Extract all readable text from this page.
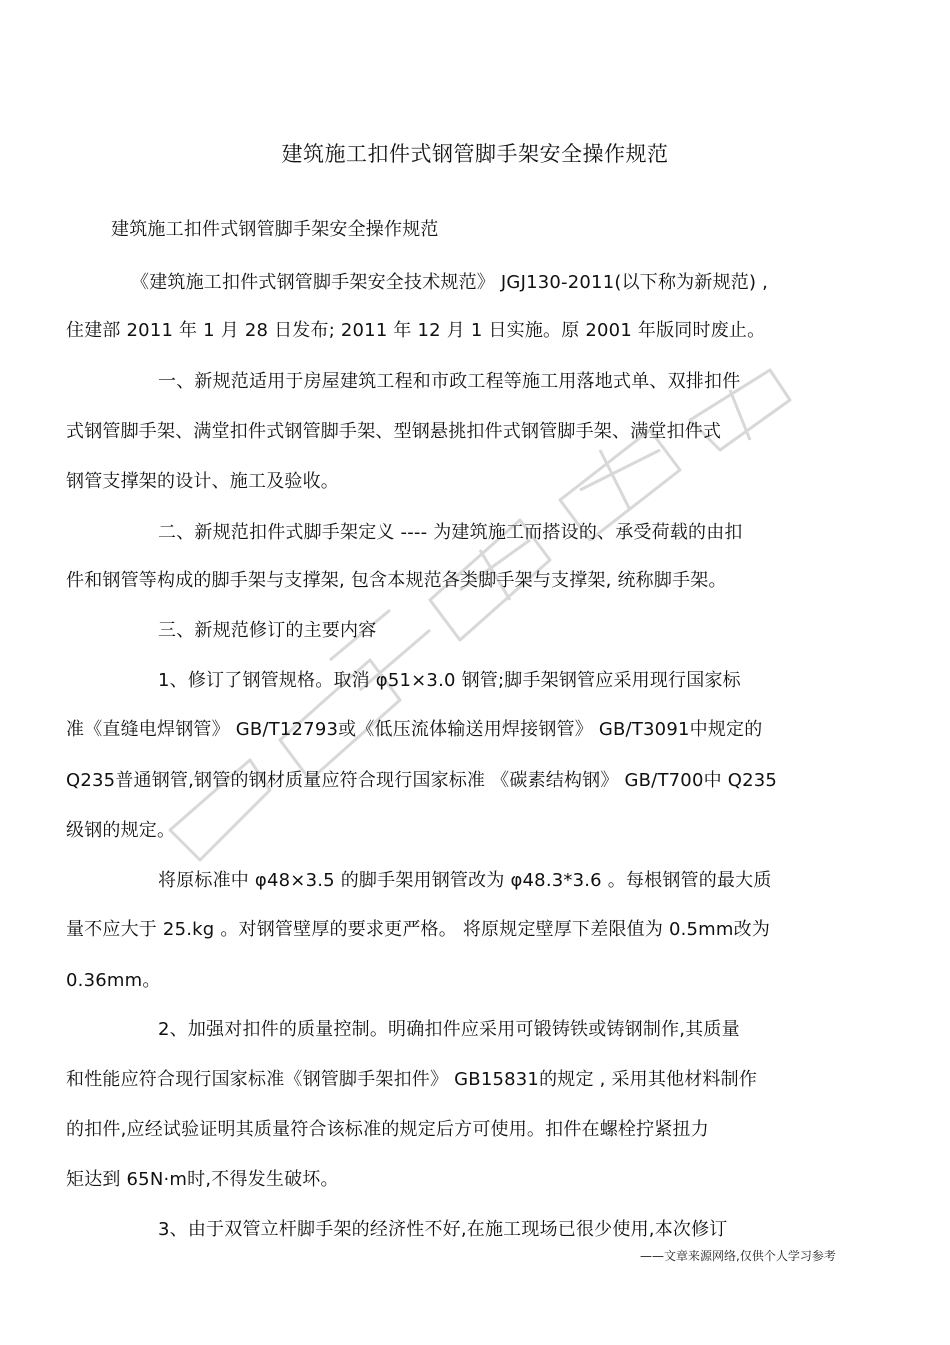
建筑施工扣件式钢管脚手架安全操作规范
建筑施工扣件式钢管脚手架安全操作规范
《建筑施工扣件式钢管脚手架安全技术规范》 JGJ130-2011(以下称为新规范) ,
住建部 2011 年 1 月 28 日发布; 2011 年 12 月 1 日实施。原 2001 年版同时废止。
一、新规范适用于房屋建筑工程和市政工程等施工用落地式单、双排扣件
式钢管脚手架、满堂扣件式钢管脚手架、型钢悬挑扣件式钢管脚手架、满堂扣件式
钢管支撑架的设计、施工及验收。
二、新规范扣件式脚手架定义 ---- 为建筑施工而搭设的、承受荷载的由扣
件和钢管等构成的脚手架与支撑架, 包含本规范各类脚手架与支撑架, 统称脚手架。
三、新规范修订的主要内容
1、修订了钢管规格。取消 φ51×3.0 钢管;脚手架钢管应采用现行国家标
准《直缝电焊钢管》 GB/T12793或《低压流体输送用焊接钢管》 GB/T3091中规定的
Q235普通钢管,钢管的钢材质量应符合现行国家标准 《碳素结构钢》 GB/T700中 Q235
级钢的规定。
将原标准中 φ48×3.5 的脚手架用钢管改为 φ48.3*3.6 。每根钢管的最大质
量不应大于 25.kg 。对钢管壁厚的要求更严格。 将原规定壁厚下差限值为 0.5mm改为
0.36mm。
2、加强对扣件的质量控制。明确扣件应采用可锻铸铁或铸钢制作,其质量
和性能应符合现行国家标准《钢管脚手架扣件》 GB15831的规定 , 采用其他材料制作
的扣件,应经试验证明其质量符合该标准的规定后方可使用。扣件在螺栓拧紧扭力
矩达到 65N·m时,不得发生破坏。
3、由于双管立杆脚手架的经济性不好,在施工现场已很少使用,本次修订
——文章来源网络,仅供个人学习参考
